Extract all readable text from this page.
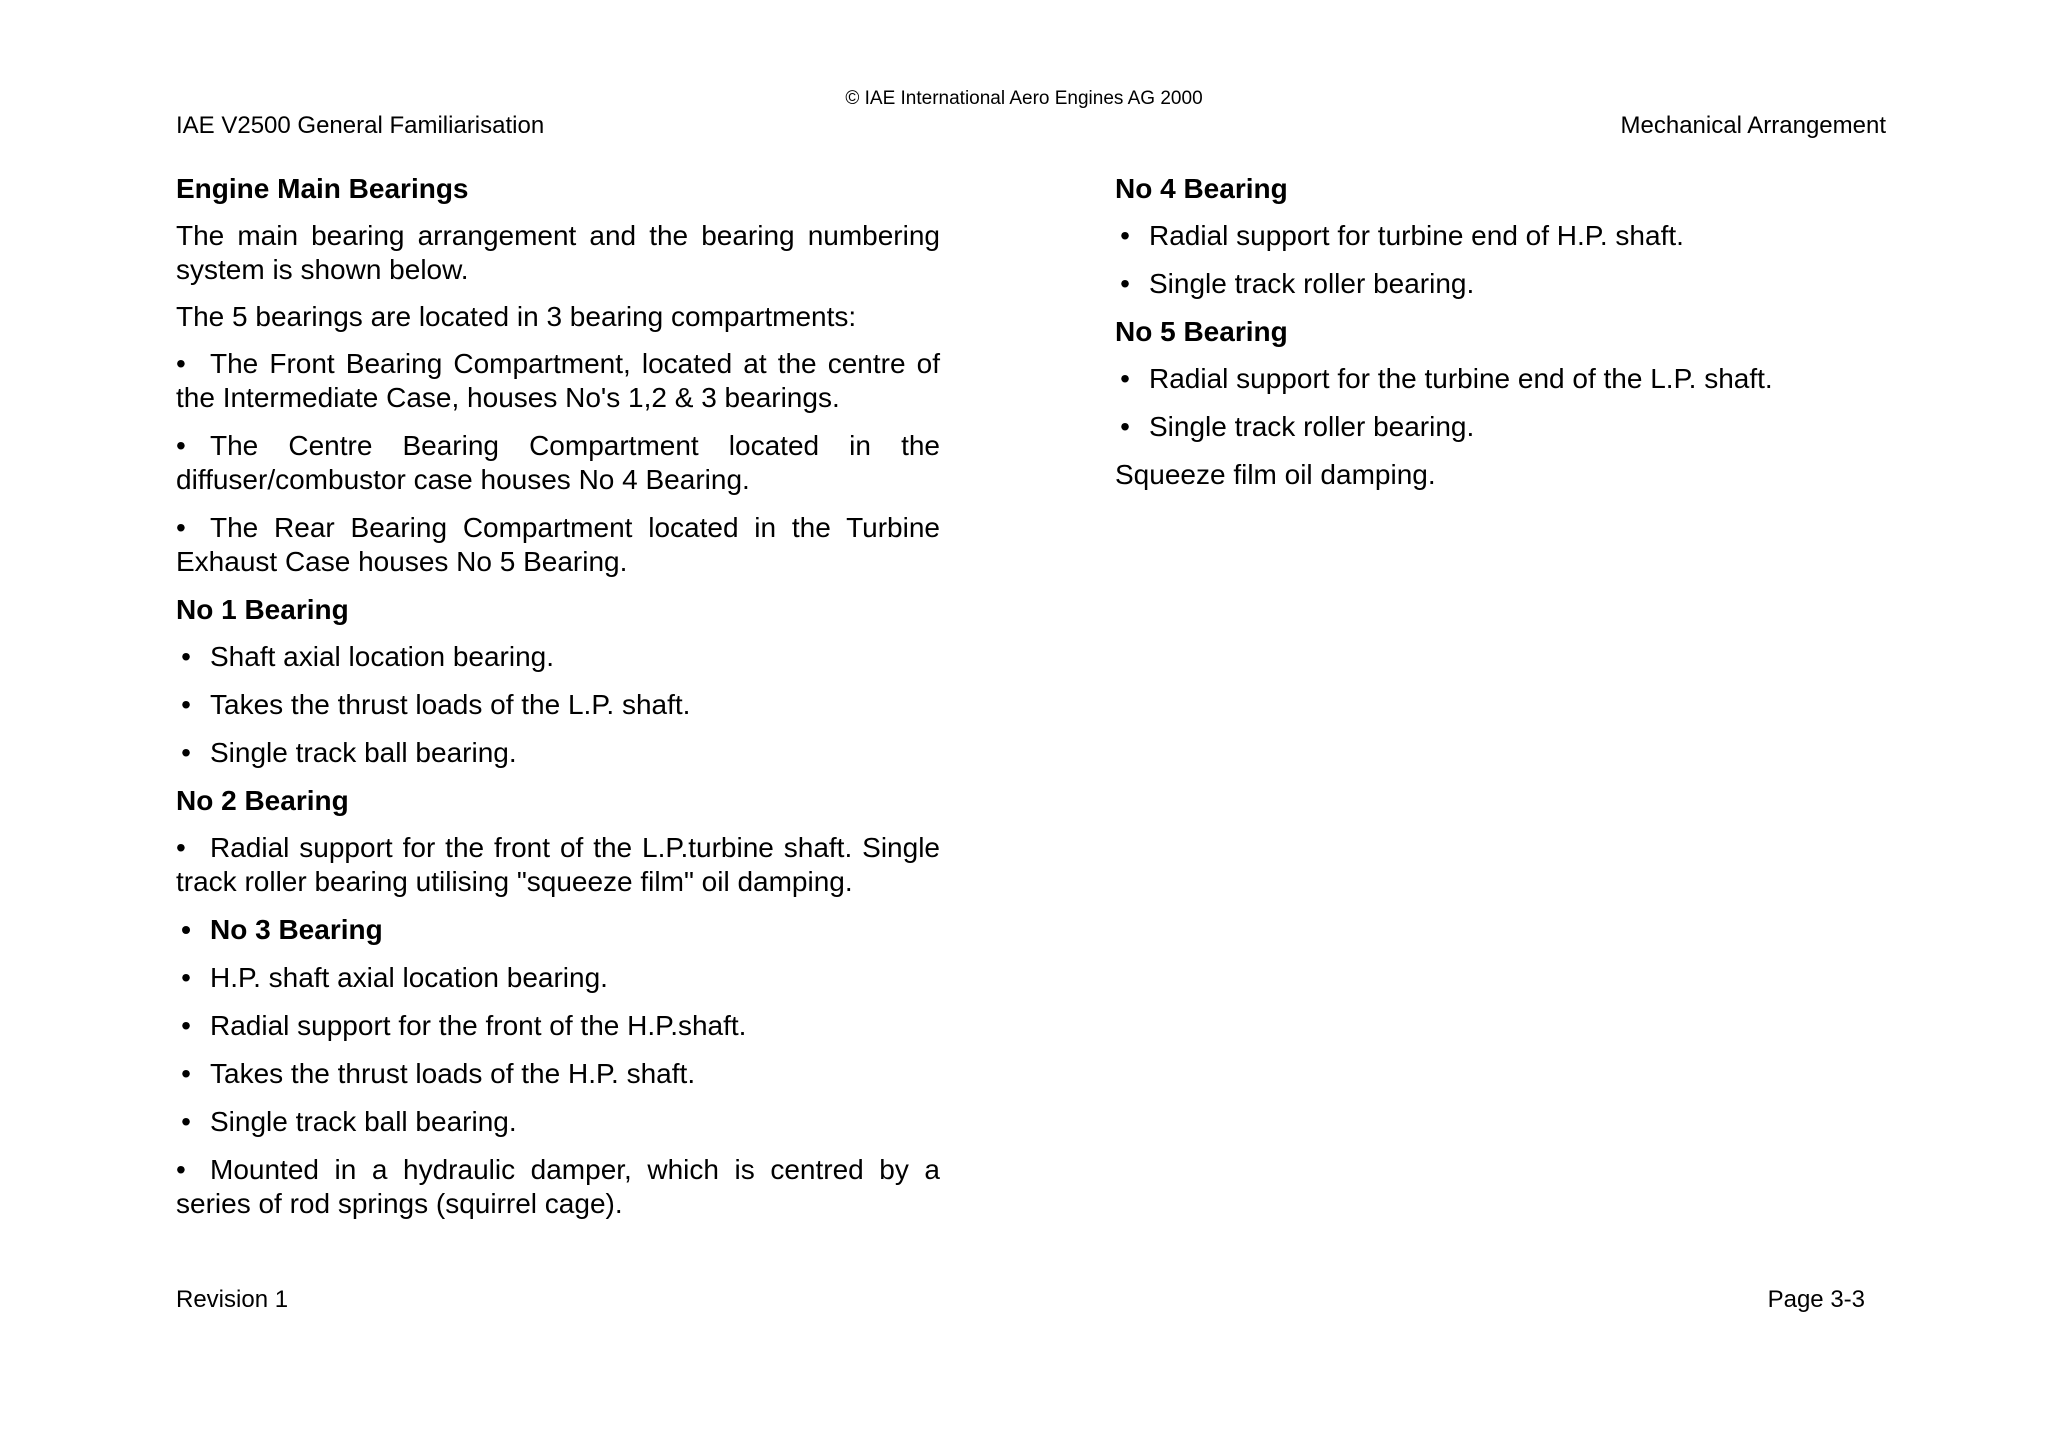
© IAE International Aero Engines AG 2000
IAE V2500 General Familiarisation	Mechanical Arrangement
Engine Main Bearings
The main bearing arrangement and the bearing numbering system is shown below.
The 5 bearings are located in 3 bearing compartments:
• The Front Bearing Compartment, located at the centre of the Intermediate Case, houses No's 1,2 & 3 bearings.
• The Centre Bearing Compartment located in the diffuser/combustor case houses No 4 Bearing.
• The Rear Bearing Compartment located in the Turbine Exhaust Case houses No 5 Bearing.
No 1 Bearing
• Shaft axial location bearing.
• Takes the thrust loads of the L.P. shaft.
• Single track ball bearing.
No 2 Bearing
• Radial support for the front of the L.P.turbine shaft. Single track roller bearing utilising "squeeze film" oil damping.
• No 3 Bearing
• H.P. shaft axial location bearing.
• Radial support for the front of the H.P.shaft.
• Takes the thrust loads of the H.P. shaft.
• Single track ball bearing.
• Mounted in a hydraulic damper, which is centred by a series of rod springs (squirrel cage).
No 4 Bearing
• Radial support for turbine end of H.P. shaft.
• Single track roller bearing.
No 5 Bearing
• Radial support for the turbine end of the L.P. shaft.
• Single track roller bearing.
Squeeze film oil damping.
Revision 1	Page 3-3
